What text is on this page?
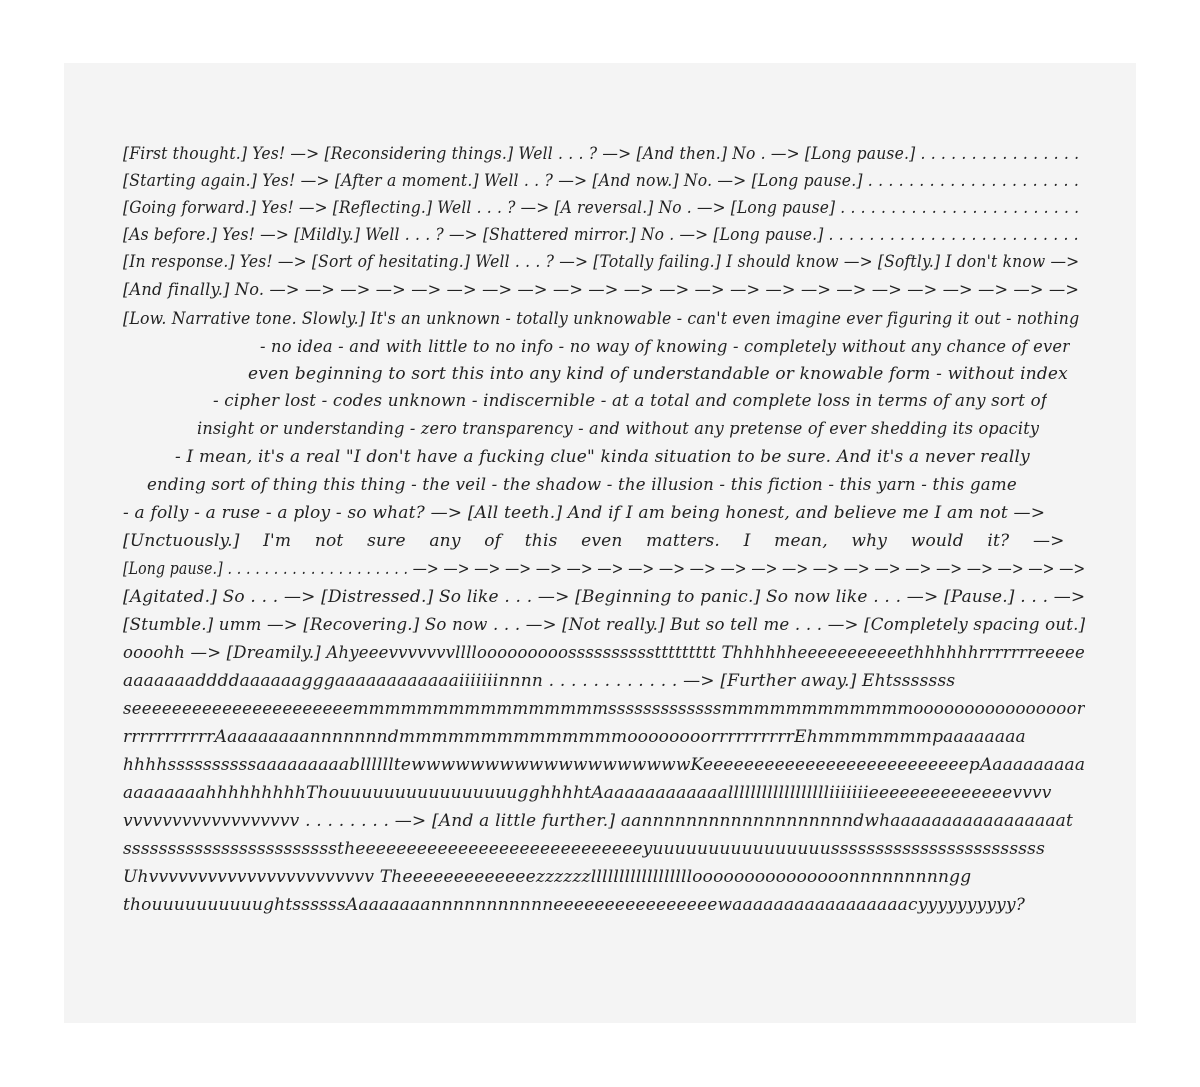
[First thought.] Yes! —> [Reconsidering things.] Well . . . ? —> [And then.] No . —> [Long pause.] . . . . . . . . . . . . . . . .
[Starting again.] Yes! —> [After a moment.] Well . . ? —> [And now.] No. —> [Long pause.] . . . . . . . . . . . . . . . . . . . . .
[Going forward.] Yes! —> [Reflecting.] Well . . . ? —> [A reversal.] No . —> [Long pause] . . . . . . . . . . . . . . . . . . . . . . . .
[As before.] Yes! —> [Mildly.] Well . . . ? —> [Shattered mirror.] No . —> [Long pause.] . . . . . . . . . . . . . . . . . . . . . . . . .
[In response.] Yes! —> [Sort of hesitating.] Well . . . ? —> [Totally failing.] I should know —> [Softly.] I don't know —>
[And finally.] No. —> —> —> —> —> —> —> —> —> —> —> —> —> —> —> —> —> —> —> —> —> —> —>
[Low. Narrative tone. Slowly.] It's an unknown - totally unknowable - can't even imagine ever figuring it out - nothing
- no idea - and with little to no info - no way of knowing - completely without any chance of ever
even beginning to sort this into any kind of understandable or knowable form - without index
- cipher lost - codes unknown - indiscernible - at a total and complete loss in terms of any sort of
insight or understanding - zero transparency - and without any pretense of ever shedding its opacity
- I mean, it's a real "I don't have a fucking clue" kinda situation to be sure. And it's a never really
ending sort of thing this thing - the veil - the shadow - the illusion - this fiction - this yarn - this game
- a folly - a ruse - a ploy - so what? —> [All teeth.] And if I am being honest, and believe me I am not —>
[Unctuously.] I'm not sure any of this even matters. I mean, why would it? —>
[Long pause.] . . . . . . . . . . . . . . . . . . . . —> —> —> —> —> —> —> —> —> —> —> —> —> —> —> —> —> —> —> —> —> —>
[Agitated.] So . . . —> [Distressed.] So like . . . —> [Beginning to panic.] So now like . . . —> [Pause.] . . . —>
[Stumble.] umm —> [Recovering.] So now . . . —> [Not really.] But so tell me . . . —> [Completely spacing out.]
oooohh —> [Dreamily.] Ahyeeevvvvvvvllllooooooooossssssssssttttttttt Thhhhhheeeeeeeeeeethhhhhhrrrrrrreeeee
aaaaaaaddddaaaaaagggaaaaaaaaaaaaiiiiiiinnnn . . . . . . . . . . . . —> [Further away.] Ehtsssssss
seeeeeeeeeeeeeeeeeeeeeemmmmmmmmmmmmmmmmsssssssssssssmmmmmmmmmmmmoooooooooooooooor
rrrrrrrrrrrAaaaaaaaannnnnnndmmmmmmmmmmmmmmoooooooorrrrrrrrrrEhmmmmmmmpaaaaaaaa
hhhhssssssssssaaaaaaaaablllllltewwwwwwwwwwwwwwwwwwwKeeeeeeeeeeeeeeeeeeeeeeeeeepAaaaaaaaaa
aaaaaaaahhhhhhhhhThouuuuuuuuuuuuuuuugghhhhtAaaaaaaaaaaaalllllllllllllllllliiiiiiieeeeeeeeeeeeeevvvv
vvvvvvvvvvvvvvvvvv . . . . . . . . —> [And a little further.] aannnnnnnnnnnnnnnnnnndwhaaaaaaaaaaaaaaaaat
sssssssssssssssssssssssstheeeeeeeeeeeeeeeeeeeeeeeeeeeeyuuuuuuuuuuuuuuuussssssssssssssssssssssss
Uhvvvvvvvvvvvvvvvvvvvvvvv Theeeeeeeeeeeeezzzzzzllllllllllllllllllooooooooooooooonnnnnnnnngg
thouuuuuuuuuughtssssssAaaaaaaannnnnnnnnnneeeeeeeeeeeeeeeewaaaaaaaaaaaaaaaaacyyyyyyyyyy?
